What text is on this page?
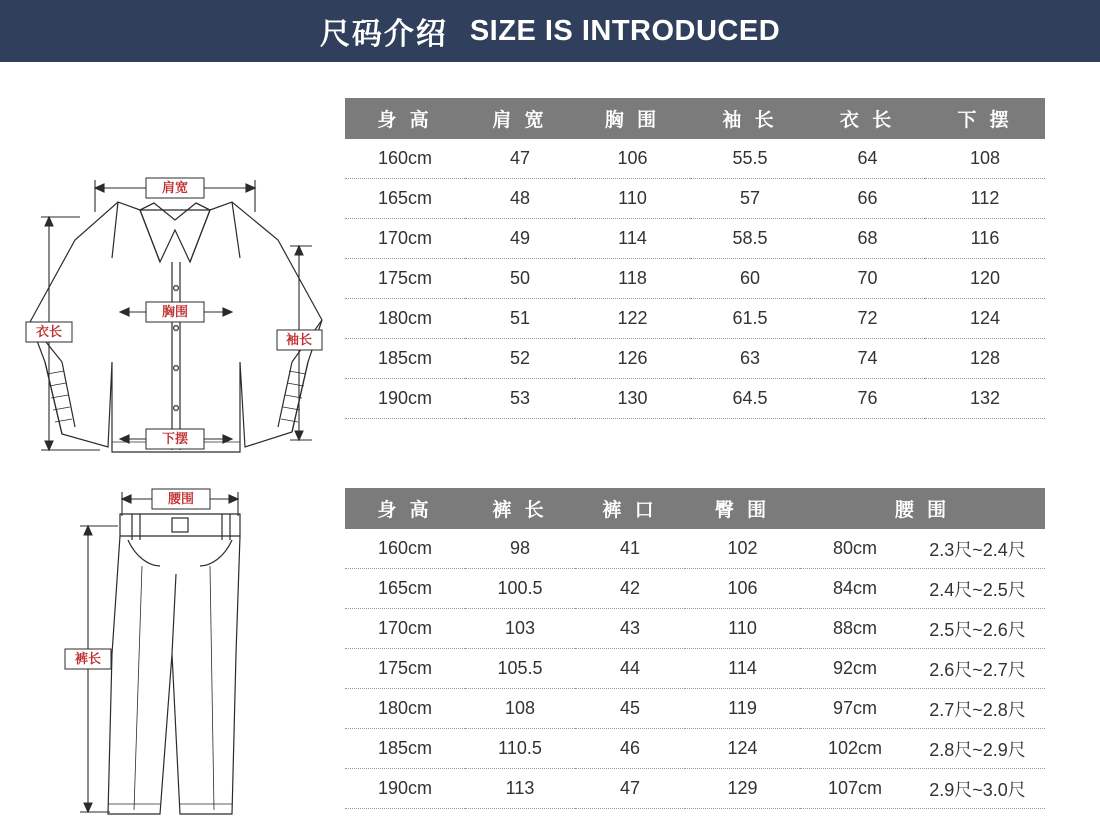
尺码介绍 SIZE IS INTRODUCED
肩宽
胸围
下摆
衣长
袖长
身 高	肩 宽	胸 围	袖 长	衣 长	下 摆
160cm	47	106	55.5	64	108
165cm	48	110	57	66	112
170cm	49	114	58.5	68	116
175cm	50	118	60	70	120
180cm	51	122	61.5	72	124
185cm	52	126	63	74	128
190cm	53	130	64.5	76	132
腰围
裤长
身 高	裤 长	裤 口	臀 围	腰 围	
160cm	98	41	102	80cm	2.3尺~2.4尺
165cm	100.5	42	106	84cm	2.4尺~2.5尺
170cm	103	43	110	88cm	2.5尺~2.6尺
175cm	105.5	44	114	92cm	2.6尺~2.7尺
180cm	108	45	119	97cm	2.7尺~2.8尺
185cm	110.5	46	124	102cm	2.8尺~2.9尺
190cm	113	47	129	107cm	2.9尺~3.0尺
